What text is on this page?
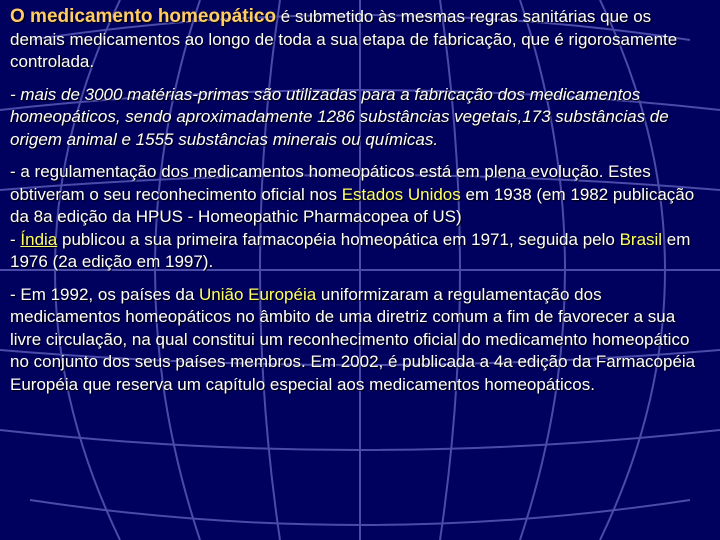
O medicamento homeopático é submetido às mesmas regras sanitárias que os demais medicamentos ao longo de toda a sua etapa de fabricação, que é rigorosamente controlada.

- mais de 3000 matérias-primas são utilizadas para a fabricação dos medicamentos homeopáticos, sendo aproximadamente 1286 substâncias vegetais,173 substâncias de origem animal e 1555 substâncias minerais ou químicas.

- a regulamentação dos medicamentos homeopáticos está em plena evolução. Estes obtiveram o seu reconhecimento oficial nos Estados Unidos em 1938 (em 1982 publicação da 8a edição da HPUS - Homeopathic Pharmacopea of US)
- Índia publicou a sua primeira farmacopéia homeopática em 1971, seguida pelo Brasil em 1976 (2a edição em 1997).

- Em 1992, os países da União Européia uniformizaram a regulamentação dos medicamentos homeopáticos no âmbito de uma diretriz comum a fim de favorecer a sua livre circulação, na qual constitui um reconhecimento oficial do medicamento homeopático no conjunto dos seus países membros. Em 2002, é publicada a 4a edição da Farmacopéia Européia que reserva um capítulo especial aos medicamentos homeopáticos.
